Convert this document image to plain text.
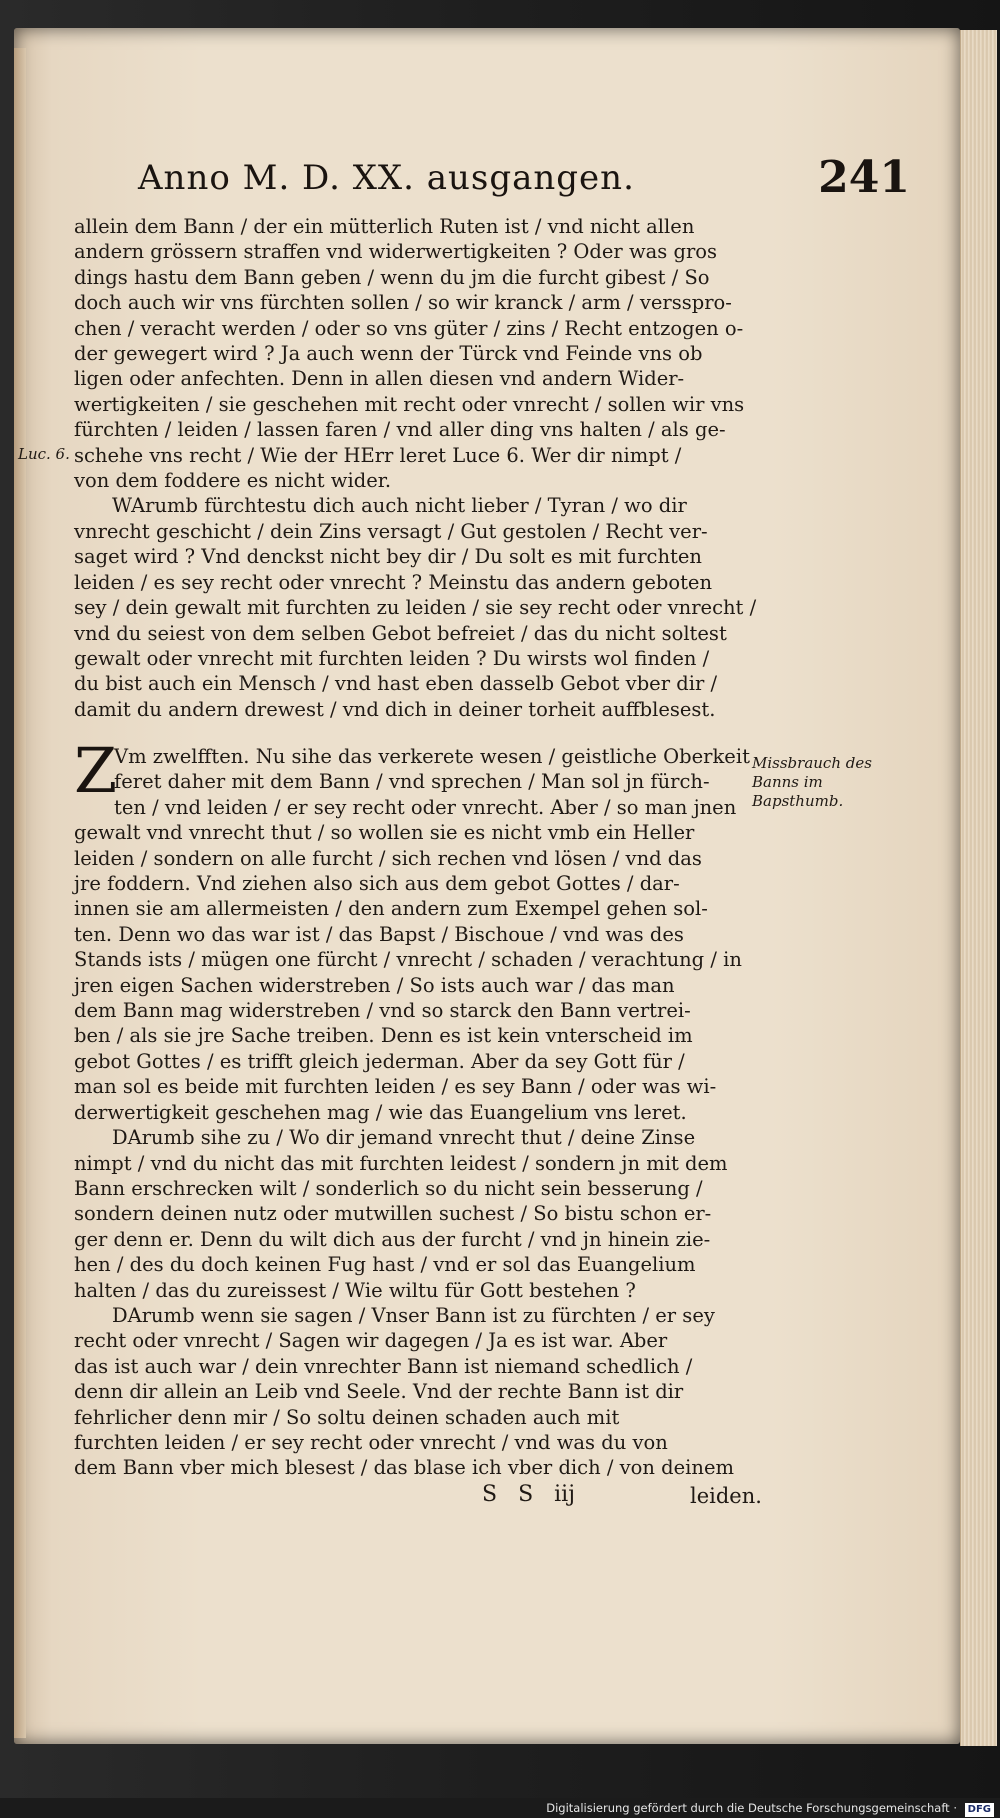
Anno M. D. XX. ausgangen.	241

allein dem Bann / der ein mütterlich Ruten ist / vnd nicht allen

andern grössern straffen vnd widerwertigkeiten ? Oder was gros

dings hastu dem Bann geben / wenn du jm die furcht gibest / So

doch auch wir vns fürchten sollen / so wir kranck / arm / versspro-

chen / veracht werden / oder so vns güter / zins / Recht entzogen o-

der gewegert wird ? Ja auch wenn der Türck vnd Feinde vns ob

ligen oder anfechten. Denn in allen diesen vnd andern Wider-

wertigkeiten / sie geschehen mit recht oder vnrecht / sollen wir vns

fürchten / leiden / lassen faren / vnd aller ding vns halten / als ge-

schehe vns recht / Wie der HErr leret Luce 6. Wer dir nimpt /

von dem foddere es nicht wider.

WArumb fürchtestu dich auch nicht lieber / Tyran / wo dir

vnrecht geschicht / dein Zins versagt / Gut gestolen / Recht ver-

saget wird ? Vnd denckst nicht bey dir / Du solt es mit furchten

leiden / es sey recht oder vnrecht ? Meinstu das andern geboten

sey / dein gewalt mit furchten zu leiden / sie sey recht oder vnrecht /

vnd du seiest von dem selben Gebot befreiet / das du nicht soltest

gewalt oder vnrecht mit furchten leiden ? Du wirsts wol finden /

du bist auch ein Mensch / vnd hast eben dasselb Gebot vber dir /

damit du andern drewest / vnd dich in deiner torheit auffblesest.

Luc. 6.
Z

Vm zwelfften. Nu sihe das verkerete wesen / geistliche Oberkeit

feret daher mit dem Bann / vnd sprechen / Man sol jn fürch-

ten / vnd leiden / er sey recht oder vnrecht. Aber / so man jnen

gewalt vnd vnrecht thut / so wollen sie es nicht vmb ein Heller

leiden / sondern on alle furcht / sich rechen vnd lösen / vnd das

jre foddern. Vnd ziehen also sich aus dem gebot Gottes / dar-

innen sie am allermeisten / den andern zum Exempel gehen sol-

ten. Denn wo das war ist / das Bapst / Bischoue / vnd was des

Stands ists / mügen one fürcht / vnrecht / schaden / verachtung / in

jren eigen Sachen widerstreben / So ists auch war / das man

dem Bann mag widerstreben / vnd so starck den Bann vertrei-

ben / als sie jre Sache treiben. Denn es ist kein vnterscheid im

gebot Gottes / es trifft gleich jederman. Aber da sey Gott für /

man sol es beide mit furchten leiden / es sey Bann / oder was wi-

derwertigkeit geschehen mag / wie das Euangelium vns leret.

DArumb sihe zu / Wo dir jemand vnrecht thut / deine Zinse

nimpt / vnd du nicht das mit furchten leidest / sondern jn mit dem

Bann erschrecken wilt / sonderlich so du nicht sein besserung /

sondern deinen nutz oder mutwillen suchest / So bistu schon er-

ger denn er. Denn du wilt dich aus der furcht / vnd jn hinein zie-

hen / des du doch keinen Fug hast / vnd er sol das Euangelium

halten / das du zureissest / Wie wiltu für Gott bestehen ?

DArumb wenn sie sagen / Vnser Bann ist zu fürchten / er sey

recht oder vnrecht / Sagen wir dagegen / Ja es ist war. Aber

das ist auch war / dein vnrechter Bann ist niemand schedlich /

denn dir allein an Leib vnd Seele. Vnd der rechte Bann ist dir

fehrlicher denn mir / So soltu deinen schaden auch mit

furchten leiden / er sey recht oder vnrecht / vnd was du von

dem Bann vber mich blesest / das blase ich vber dich / von deinem

Missbrauch des Banns im Bapsthumb.
S S iij	leiden.
Digitalisierung gefördert durch die Deutsche Forschungsgemeinschaft · DFG
